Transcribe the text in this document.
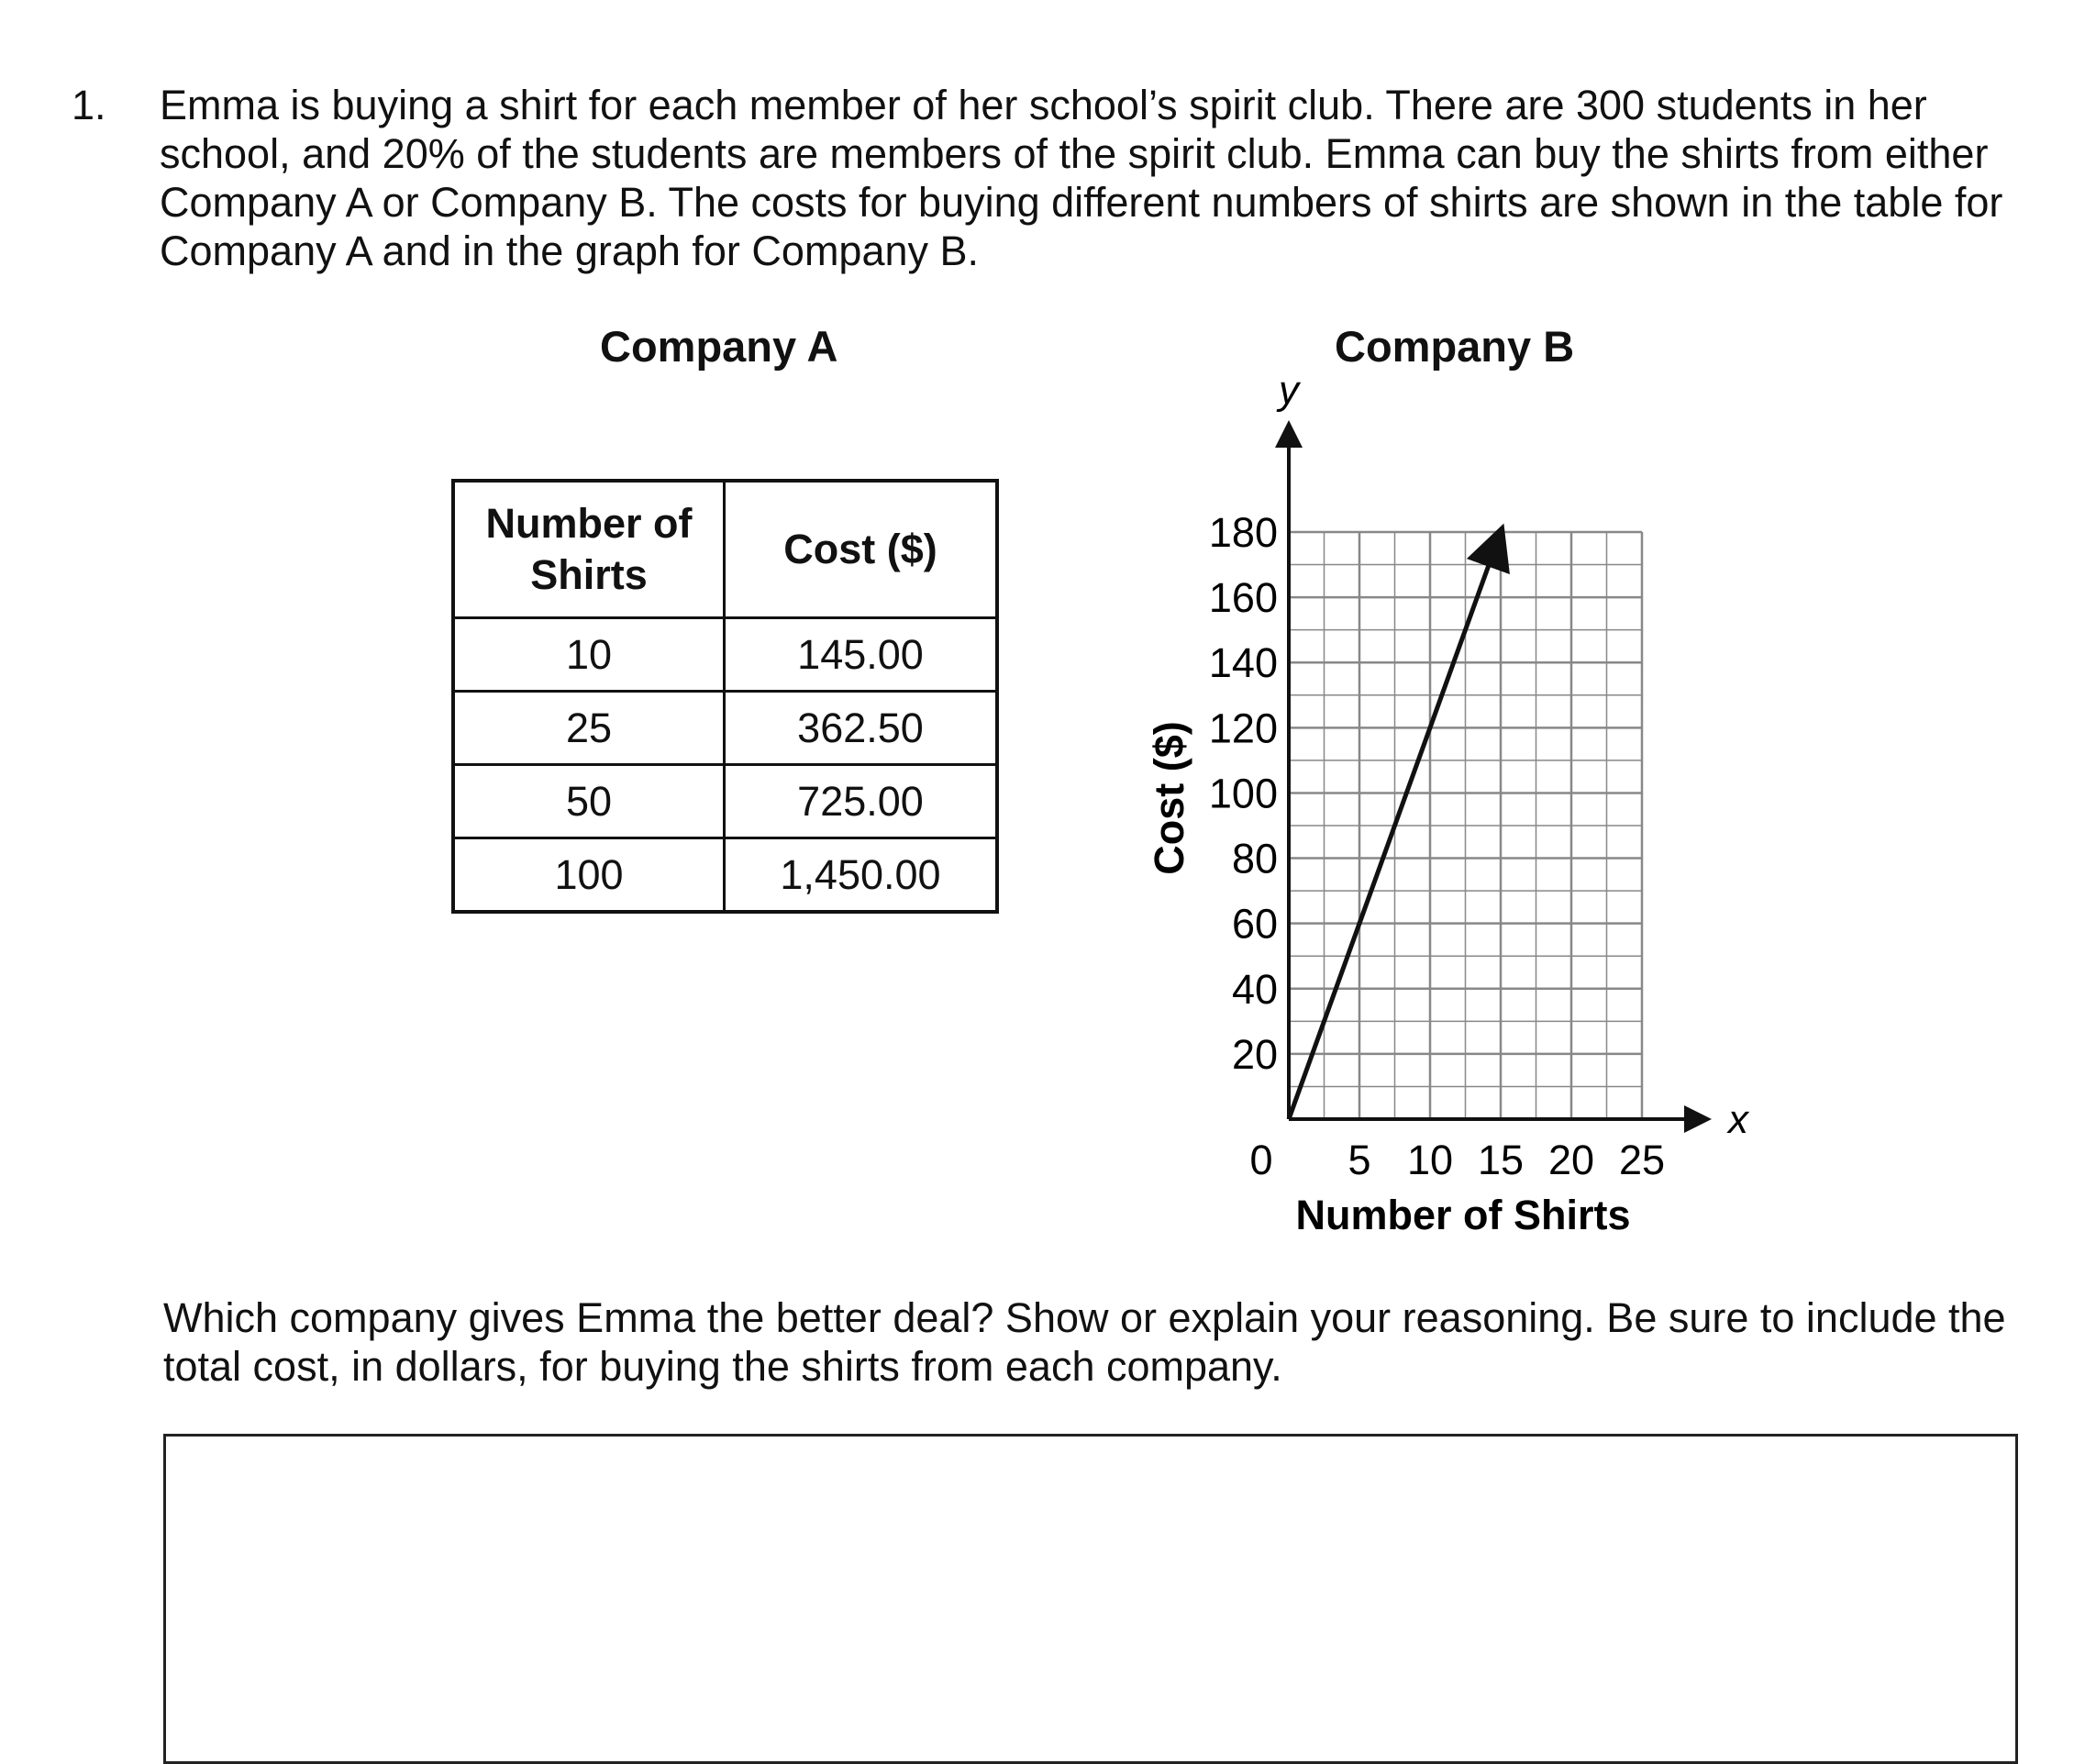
1. Emma is buying a shirt for each member of her school’s spirit club. There are 300 students in her school, and 20% of the students are members of the spirit club. Emma can buy the shirts from either Company A or Company B. The costs for buying different numbers of shirts are shown in the table for Company A and in the graph for Company B.

Company A	Company B
Number of Shirts	Cost ($)
10	145.00
25	362.50
50	725.00
100	1,450.00
20
40
60
80
100
120
140
160
180
5 10 15 20 25
y
x
0
Number of Shirts
Cost ($)

Which company gives Emma the better deal? Show or explain your reasoning. Be sure to include the total cost, in dollars, for buying the shirts from each company.
